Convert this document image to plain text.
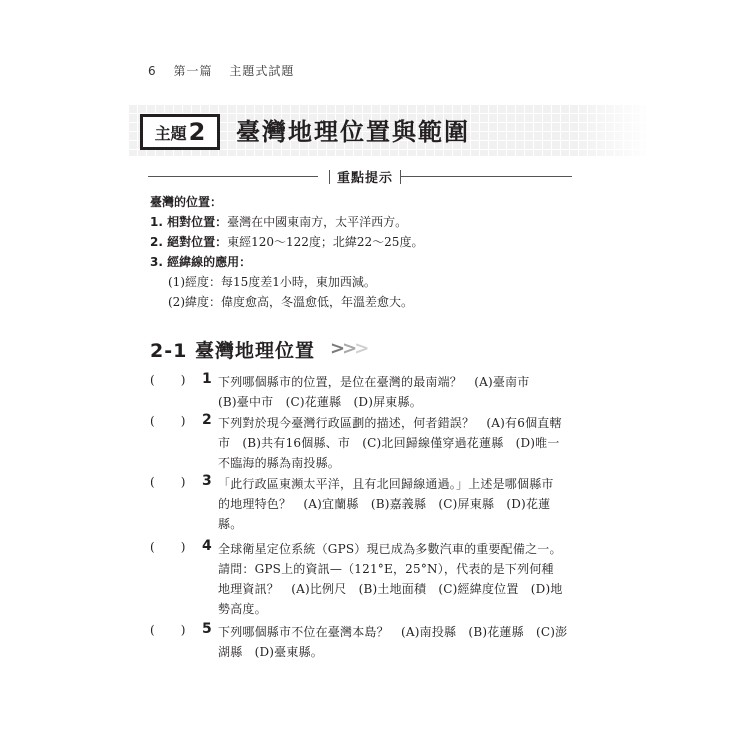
6 第一篇 主題式試題
主題 2 臺灣地理位置與範圍
重點提示
臺灣的位置：
1. 相對位置：臺灣在中國東南方，太平洋西方。
2. 絕對位置：東經120～122度；北緯22～25度。
3. 經緯線的應用：
(1)經度：每15度差1小時，東加西減。
(2)緯度：偉度愈高，冬溫愈低，年溫差愈大。
2-1 臺灣地理位置 >>>
( ) 1 下列哪個縣市的位置，是位在臺灣的最南端？　(A)臺南市
(B)臺中市　(C)花蓮縣　(D)屏東縣。
( ) 2 下列對於現今臺灣行政區劃的描述，何者錯誤？　(A)有6個直轄
市　(B)共有16個縣、市　(C)北回歸線僅穿過花蓮縣　(D)唯一
不臨海的縣為南投縣。
( ) 3 「此行政區東瀕太平洋，且有北回歸線通過。」上述是哪個縣市
的地理特色？　(A)宜蘭縣　(B)嘉義縣　(C)屏東縣　(D)花蓮
縣。
( ) 4 全球衛星定位系統（GPS）現已成為多數汽車的重要配備之一。
請問：GPS上的資訊—（121°E，25°N），代表的是下列何種
地理資訊？　(A)比例尺　(B)土地面積　(C)經緯度位置　(D)地
勢高度。
( ) 5 下列哪個縣市不位在臺灣本島？　(A)南投縣　(B)花蓮縣　(C)澎
湖縣　(D)臺東縣。
